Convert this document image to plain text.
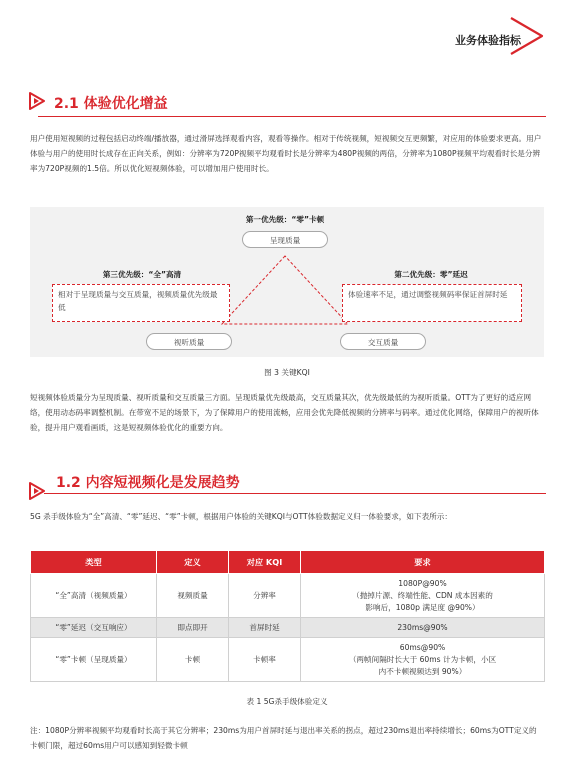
业务体验指标
2.1 体验优化增益
用户使用短视频的过程包括启动终端/播放器，通过滑屏选择观看内容，观看等操作。相对于传统视频，短视频交互更频繁，对应用的体验要求更高。用户体验与用户的使用时长成存在正向关系，例如：分辨率为720P视频平均观看时长是分辨率为480P视频的两倍，分辨率为1080P视频平均观看时长是分辨率为720P视频的1.5倍。所以优化短视频体验，可以增加用户使用时长。
第一优先级：“零”卡顿
呈现质量
第三优先级：“全”高清
相对于呈现质量与交互质量，视频质量优先级最低
视听质量
第二优先级：零”延迟
体验速率不足，通过调整视频码率保证首屏时延
交互质量
图 3 关键KQI
短视频体验质量分为呈现质量、视听质量和交互质量三方面。呈现质量优先级最高，交互质量其次，优先级最低的为视听质量。OTT为了更好的适应网络，使用动态码率调整机制。在带宽不足的场景下，为了保障用户的使用流畅，应用会优先降低视频的分辨率与码率。通过优化网络，保障用户的视听体验，提升用户观看画质，这是短视频体验优化的重要方向。
1.2 内容短视频化是发展趋势
5G 杀手级体验为“全”高清、“零”延迟、“零”卡顿，根据用户体验的关键KQI与OTT体验数据定义归一体验要求，如下表所示：
类型	定义	对应 KQI	要求
“全”高清（视频质量）	视频质量	分辨率	1080P@90%
（抛掉片源、终端性能、CDN 成本因素的
影响后，1080p 满足度 @90%）

“零”延迟（交互响应）	即点即开	首屏时延	230ms@90%

“零”卡顿（呈现质量）	卡顿	卡顿率	60ms@90%
（两帧间隔时长大于 60ms 计为卡顿，小区
内不卡顿视频达到 90%）
表 1 5G杀手级体验定义
注：1080P分辨率视频平均观看时长高于其它分辨率；230ms为用户首屏时延与退出率关系的拐点，超过230ms退出率持续增长；60ms为OTT定义的卡顿门限，超过60ms用户可以感知到轻微卡顿
